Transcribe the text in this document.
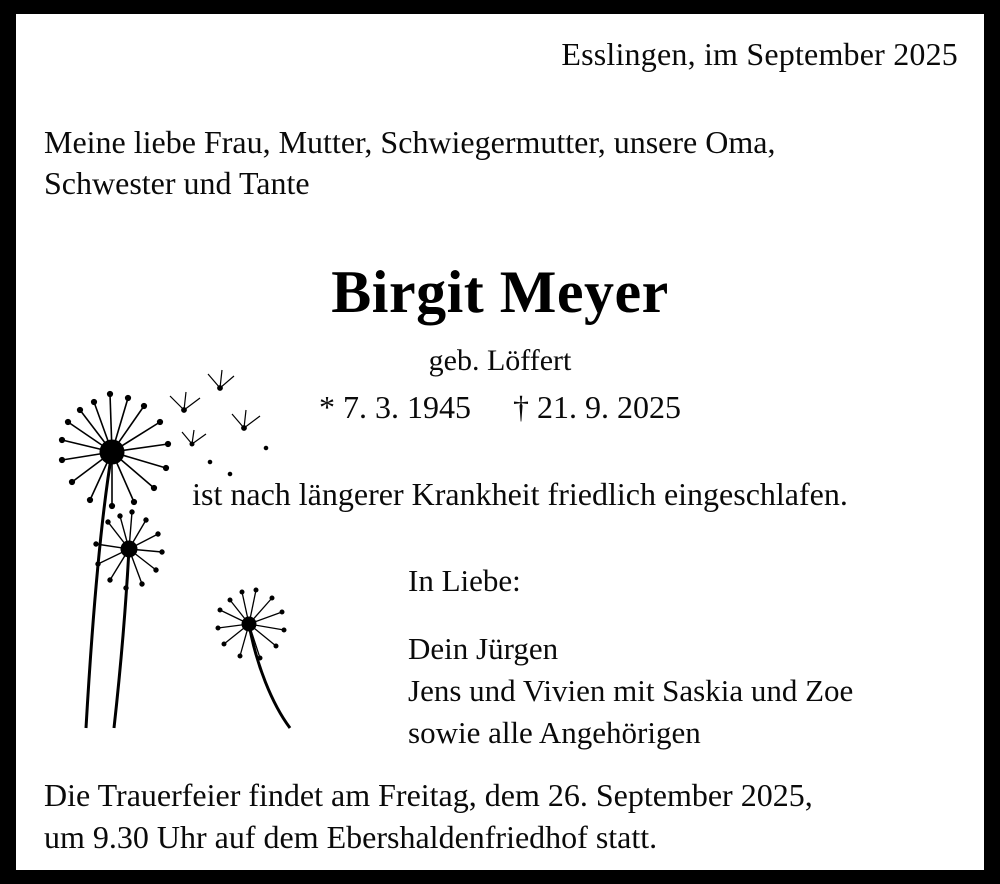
Esslingen, im September 2025
Meine liebe Frau, Mutter, Schwiegermutter, unsere Oma,
Schwester und Tante
Birgit Meyer
geb. Löffert
* 7. 3. 1945 † 21. 9. 2025
ist nach längerer Krankheit friedlich eingeschlafen.
In Liebe:
Dein Jürgen
Jens und Vivien mit Saskia und Zoe
sowie alle Angehörigen
Die Trauerfeier findet am Freitag, dem 26. September 2025,
um 9.30 Uhr auf dem Ebershaldenfriedhof statt.
